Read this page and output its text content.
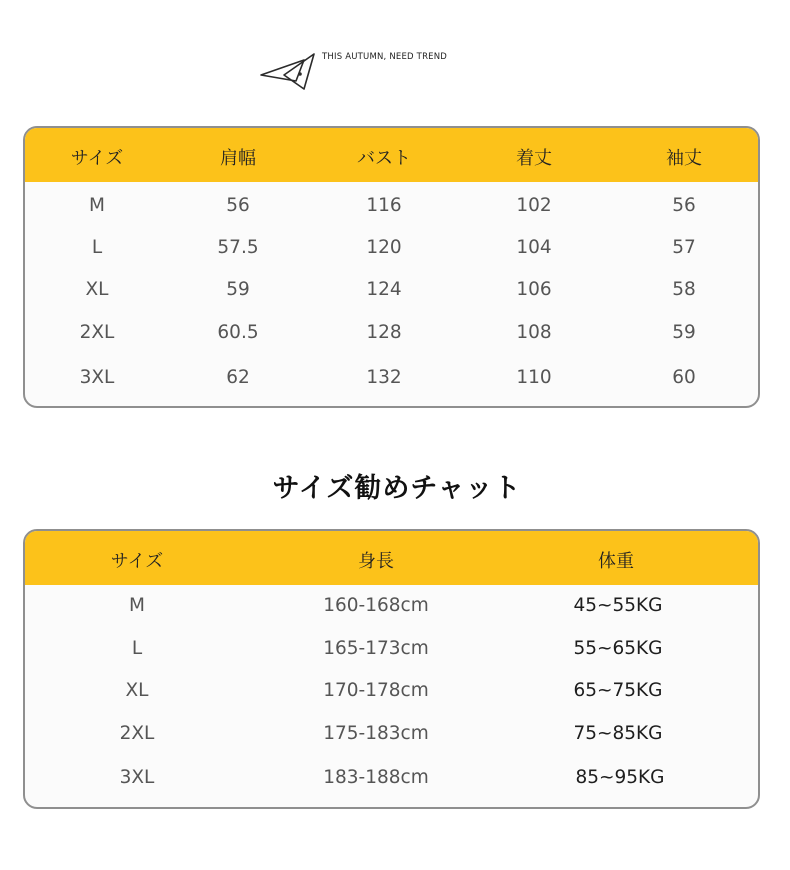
THIS AUTUMN, NEED TREND
サイズ	肩幅	バスト	着丈	袖丈
M	56	116	102	56
L	57.5	120	104	57
XL	59	124	106	58
2XL	60.5	128	108	59
3XL	62	132	110	60
サイズ勧めチャット
サイズ	身長	体重
M	160-168cm	45~55KG
L	165-173cm	55~65KG
XL	170-178cm	65~75KG
2XL	175-183cm	75~85KG
3XL	183-188cm	85~95KG
